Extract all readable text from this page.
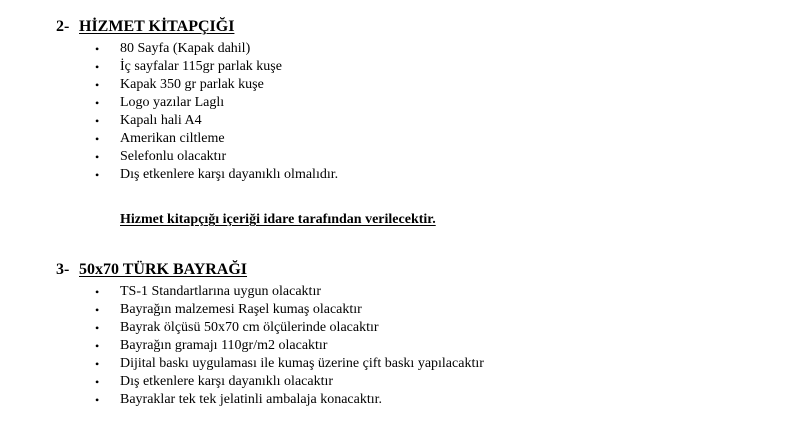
2- HİZMET KİTAPÇIĞI
• 80 Sayfa (Kapak dahil)
• İç sayfalar 115gr parlak kuşe
• Kapak 350 gr parlak kuşe
• Logo yazılar Laglı
• Kapalı hali A4
• Amerikan ciltleme
• Selefonlu olacaktır
• Dış etkenlere karşı dayanıklı olmalıdır.
Hizmet kitapçığı içeriği idare tarafından verilecektir.
3- 50x70 TÜRK BAYRAĞI
• TS-1 Standartlarına uygun olacaktır
• Bayrağın malzemesi Raşel kumaş olacaktır
• Bayrak ölçüsü 50x70 cm ölçülerinde olacaktır
• Bayrağın gramajı 110gr/m2 olacaktır
• Dijital baskı uygulaması ile kumaş üzerine çift baskı yapılacaktır
• Dış etkenlere karşı dayanıklı olacaktır
• Bayraklar tek tek jelatinli ambalaja konacaktır.
